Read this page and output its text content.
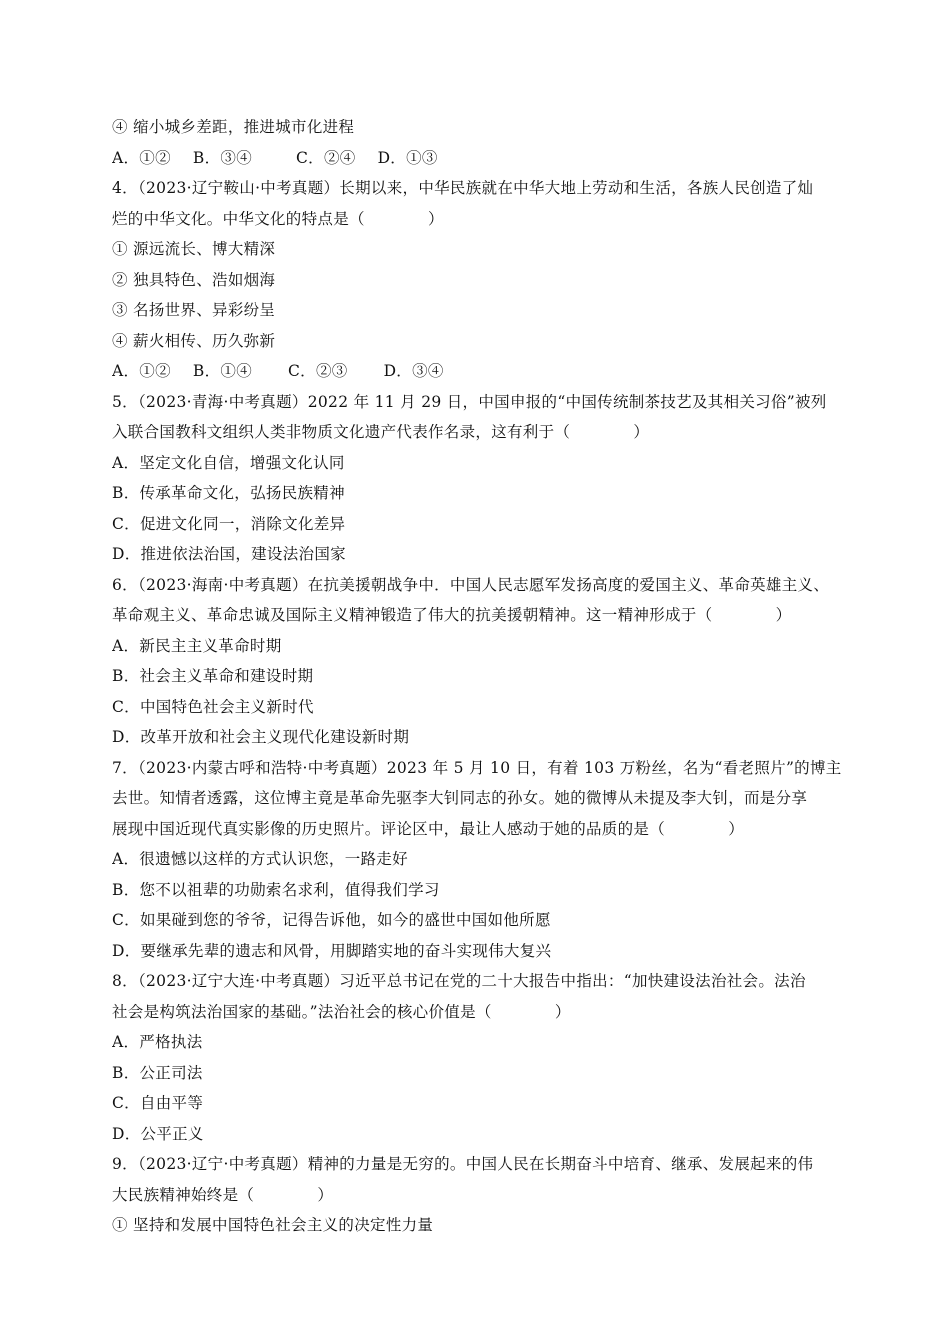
④ 缩小城乡差距，推进城市化进程
A．①② B．③④	C．②④ D．①③
4．（2023·辽宁鞍山·中考真题）长期以来，中华民族就在中华大地上劳动和生活，各族人民创造了灿
烂的中华文化。中华文化的特点是（　　　　）
① 源远流长、博大精深
② 独具特色、浩如烟海
③ 名扬世界、异彩纷呈
④ 薪火相传、历久弥新
A．①② B．①④ C．②③ D．③④
5．（2023·青海·中考真题）2022 年 11 月 29 日，中国申报的“中国传统制茶技艺及其相关习俗”被列
入联合国教科文组织人类非物质文化遗产代表作名录，这有利于（　　　　）
A．坚定文化自信，增强文化认同
B．传承革命文化，弘扬民族精神
C．促进文化同一，消除文化差异
D．推进依法治国，建设法治国家
6．（2023·海南·中考真题）在抗美援朝战争中．中国人民志愿军发扬高度的爱国主义、革命英雄主义、
革命观主义、革命忠诚及国际主义精神锻造了伟大的抗美援朝精神。这一精神形成于（　　　　）
A．新民主主义革命时期
B．社会主义革命和建设时期
C．中国特色社会主义新时代
D．改革开放和社会主义现代化建设新时期
7．（2023·内蒙古呼和浩特·中考真题）2023 年 5 月 10 日，有着 103 万粉丝，名为“看老照片”的博主
去世。知情者透露，这位博主竟是革命先驱李大钊同志的孙女。她的微博从未提及李大钊，而是分享
展现中国近现代真实影像的历史照片。评论区中，最让人感动于她的品质的是（　　　　）
A．很遗憾以这样的方式认识您，一路走好
B．您不以祖辈的功勋索名求利，值得我们学习
C．如果碰到您的爷爷，记得告诉他，如今的盛世中国如他所愿
D．要继承先辈的遗志和风骨，用脚踏实地的奋斗实现伟大复兴
8．（2023·辽宁大连·中考真题）习近平总书记在党的二十大报告中指出：“加快建设法治社会。法治
社会是构筑法治国家的基础。”法治社会的核心价值是（　　　　）
A．严格执法
B．公正司法
C．自由平等
D．公平正义
9．（2023·辽宁·中考真题）精神的力量是无穷的。中国人民在长期奋斗中培育、继承、发展起来的伟
大民族精神始终是（　　　　）
① 坚持和发展中国特色社会主义的决定性力量
